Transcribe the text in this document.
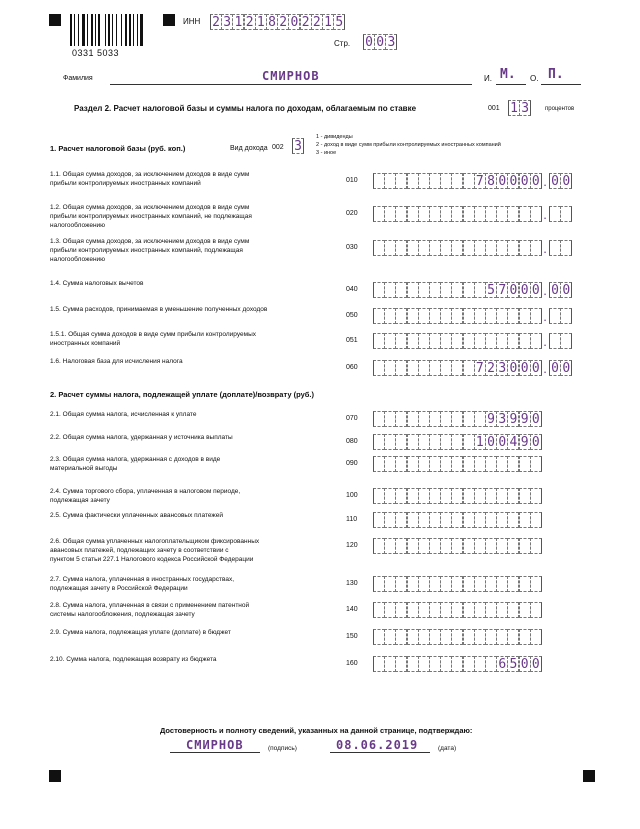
0331 5033
ИНН 2 3 1 2 1 8 2 0 2 2 1 5
Стр. 0 0 3
Фамилия	СМИРНОВ	И. М. О. П.
Раздел 2. Расчет налоговой базы и суммы налога по доходам, облагаемым по ставке	001 1 3	процентов
1. Расчет налоговой базы (руб. коп.)	Вид дохода 002 3
1 - дивиденды
2 - доход в виде сумм прибыли контролируемых иностранных компаний
3 - иное
1.1. Общая сумма доходов, за исключением доходов в виде сумм
прибыли контролируемых иностранных компаний	010	7 8 0 0 0 0 . 0 0
1.2. Общая сумма доходов, за исключением доходов в виде сумм
прибыли контролируемых иностранных компаний, не подлежащая
налогообложению
020	.
1.3. Общая сумма доходов, за исключением доходов в виде сумм
прибыли контролируемых иностранных компаний, подлежащая
налогообложению
030	.
1.4. Сумма налоговых вычетов
040	5 7 0 0 0 . 0 0
1.5. Сумма расходов, принимаемая в уменьшение полученных доходов
050	.
1.5.1. Общая сумма доходов в виде сумм прибыли контролируемых
иностранных компаний	051	.
1.6. Налоговая база для исчисления налога
060	7 2 3 0 0 0 . 0 0
2. Расчет суммы налога, подлежащей уплате (доплате)/возврату (руб.)
2.1. Общая сумма налога, исчисленная к уплате
070	9 3 9 9 0
2.2. Общая сумма налога, удержанная у источника выплаты
080	1 0 0 4 9 0
2.3. Общая сумма налога, удержанная с доходов в виде
материальной выгоды
090
2.4. Сумма торгового сбора, уплаченная в налоговом периоде,
подлежащая зачету
100
2.5. Сумма фактически уплаченных авансовых платежей
110
2.6. Общая сумма уплаченных налогоплательщиком фиксированных
авансовых платежей, подлежащих зачету в соответствии с
пунктом 5 статьи 227.1 Налогового кодекса Российской Федерации
120
2.7. Сумма налога, уплаченная в иностранных государствах,
подлежащая зачету в Российской Федерации
130
2.8. Сумма налога, уплаченная в связи с применением патентной
системы налогообложения, подлежащая зачету
140
2.9. Сумма налога, подлежащая уплате (доплате) в бюджет
150
2.10. Сумма налога, подлежащая возврату из бюджета
160	6 5 0 0
Достоверность и полноту сведений, указанных на данной странице, подтверждаю:
СМИРНОВ	(подпись)	08.06.2019	(дата)
